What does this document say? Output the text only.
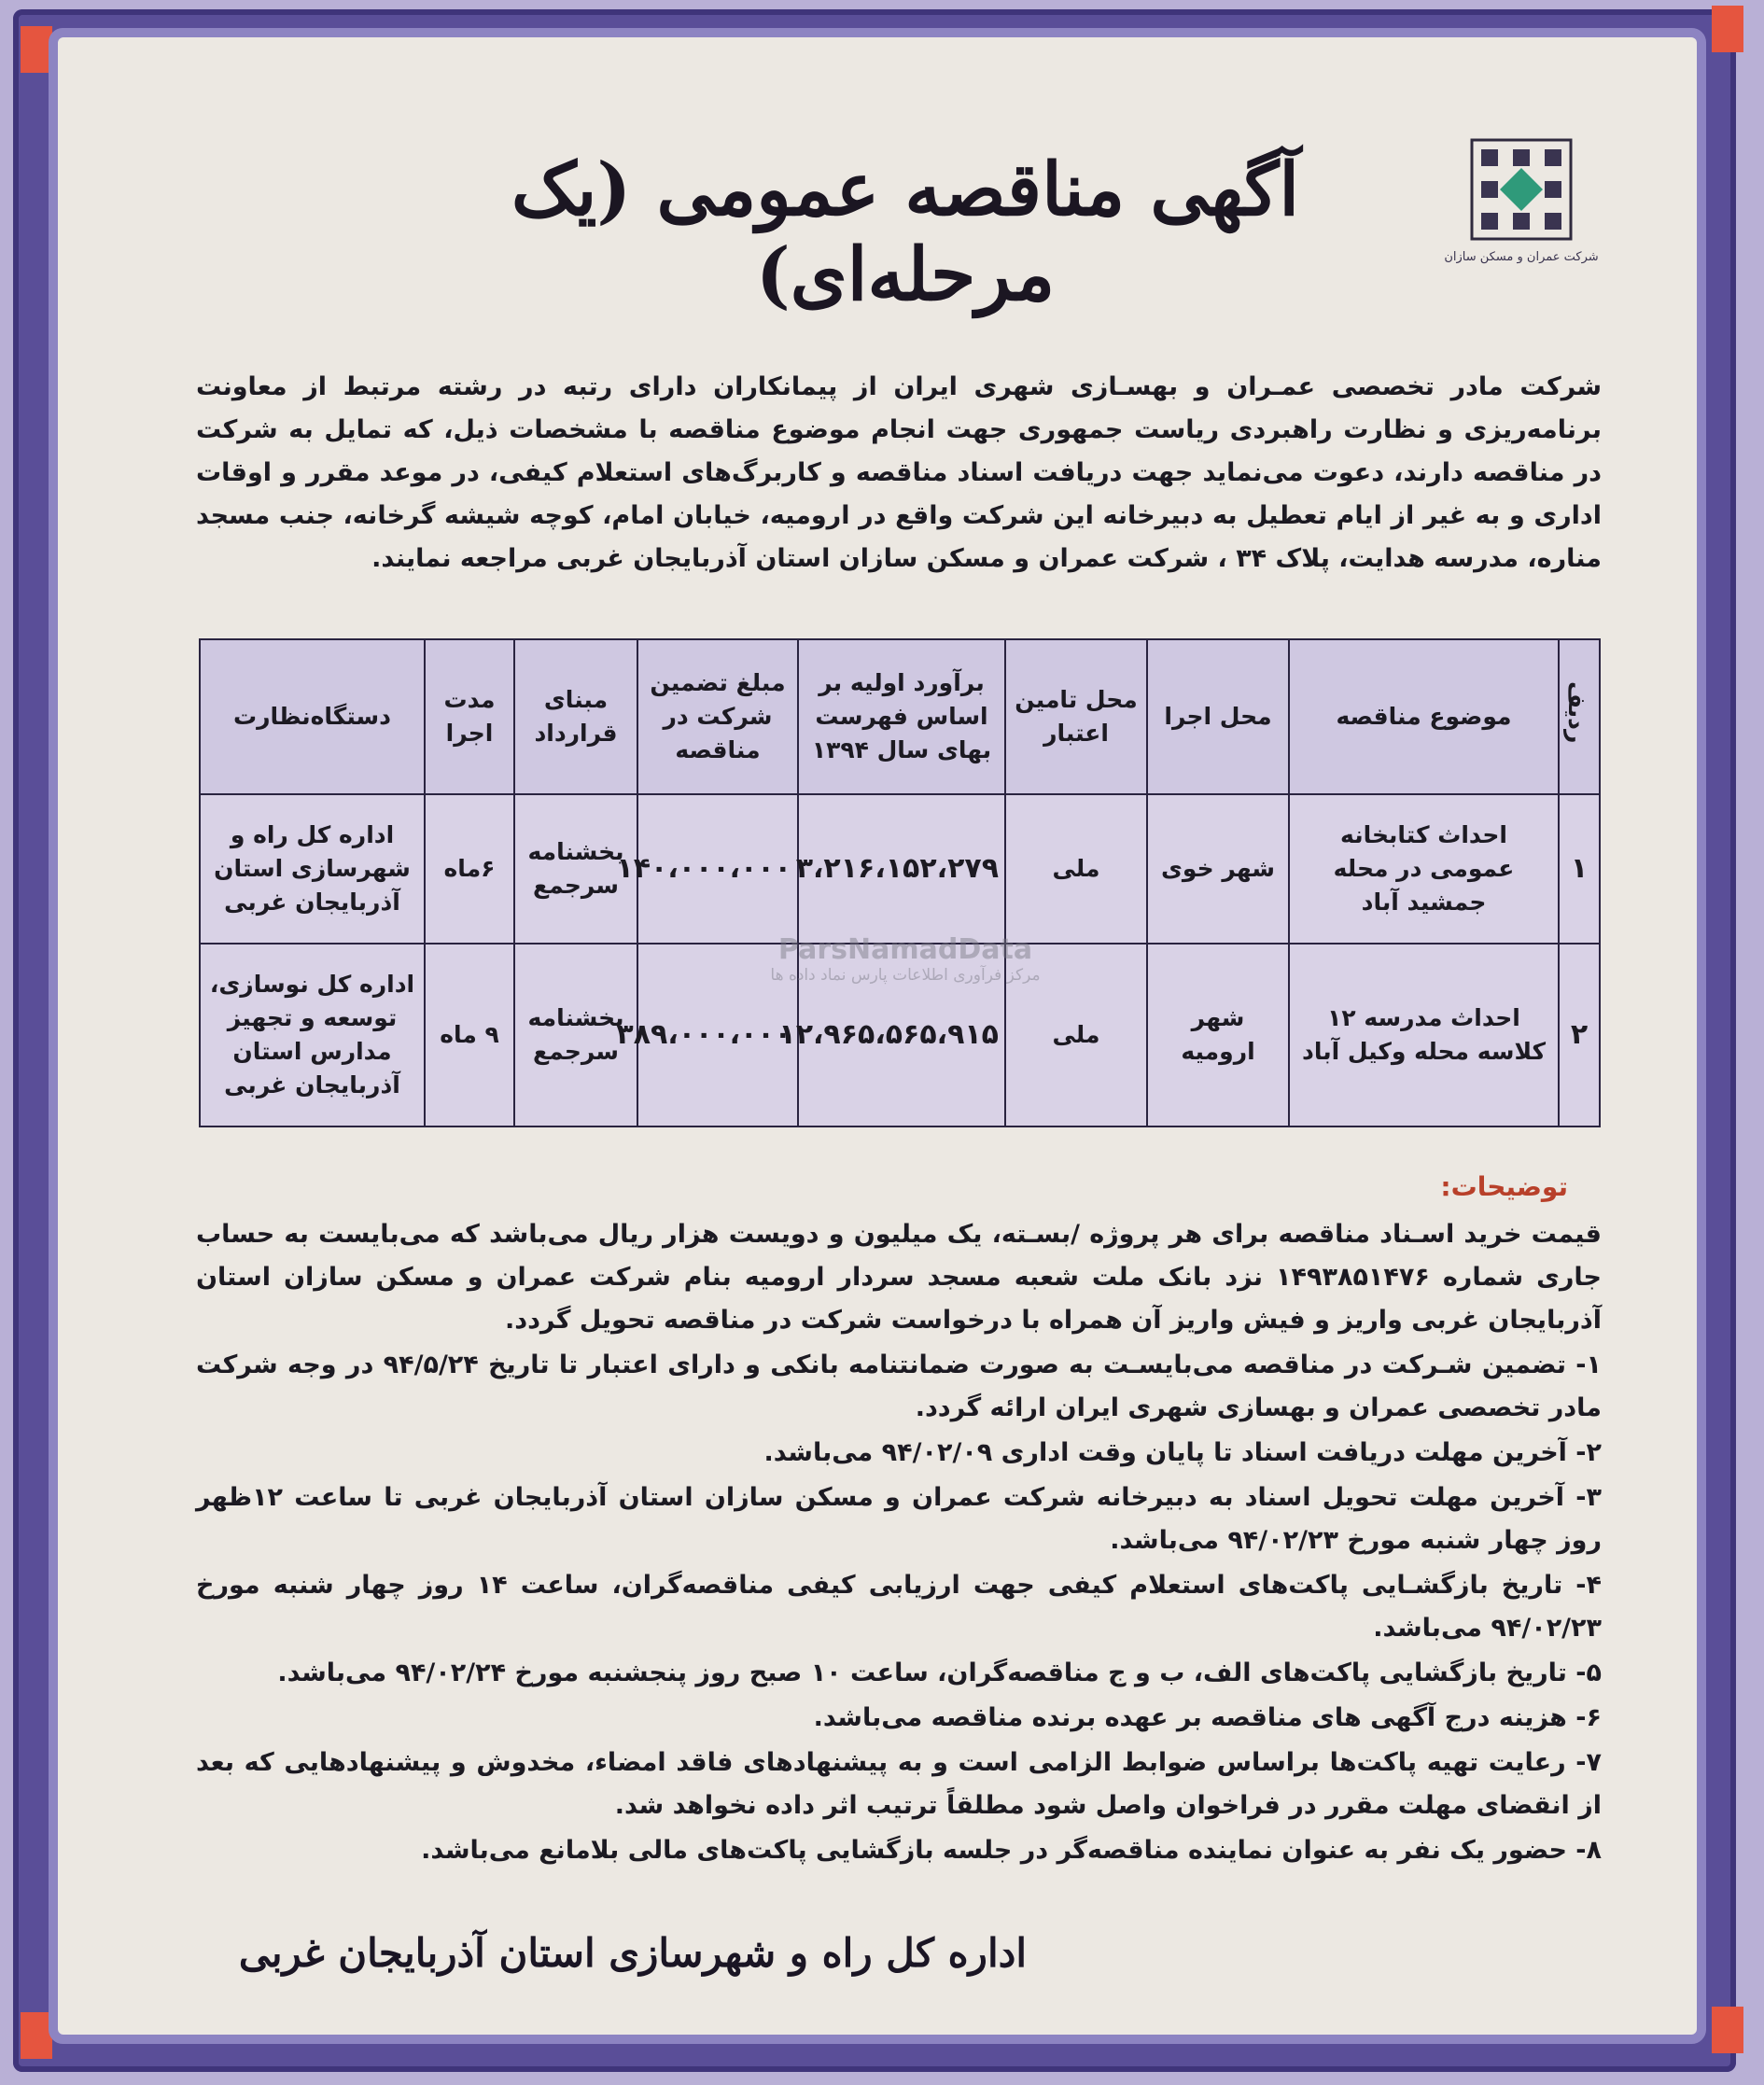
شرکت عمران و مسکن سازان
آگهی مناقصه عمومی (یک مرحله‌ای)
شرکت مادر تخصصی عمـران و بهسـازی شهری ایران از پیمانکاران دارای رتبه در رشته مرتبط از معاونت برنامه‌ریزی و نظارت راهبردی ریاست جمهوری جهت انجام موضوع مناقصه با مشخصات ذیل، که تمایل به شرکت در مناقصه دارند، دعوت می‌نماید جهت دریافت اسناد مناقصه و کاربرگ‌های استعلام کیفی، در موعد مقرر و اوقات اداری و به غیر از ایام تعطیل به دبیرخانه این شرکت واقع در ارومیه، خیابان امام، کوچه شیشه گرخانه، جنب مسجد مناره، مدرسه هدایت، پلاک ۳۴ ، شرکت عمران و مسکن سازان استان آذربایجان غربی مراجعه نمایند.
ردیف	موضوع مناقصه	محل اجرا	محل تامین اعتبار	برآورد اولیه بر اساس فهرست بهای سال ۱۳۹۴	مبلغ تضمین شرکت در مناقصه	مبنای قرارداد	مدت اجرا	دستگاه‌نظارت
۱	احداث کتابخانه عمومی در محله جمشید آباد	شهر خوی	ملی	۳،۲۱۶،۱۵۲،۲۷۹	۱۴۰،۰۰۰،۰۰۰	بخشنامه سرجمع	۶ماه	اداره کل راه و شهرسازی استان آذربایجان غربی
۲	احداث مدرسه ۱۲ کلاسه محله وکیل آباد	شهر ارومیه	ملی	۱۲،۹۶۵،۵۶۵،۹۱۵	۳۸۹،۰۰۰،۰۰۰	بخشنامه سرجمع	۹ ماه	اداره کل نوسازی، توسعه و تجهیز مدارس استان آذربایجان غربی
ParsNamadData
مرکز فرآوری اطلاعات پارس نماد داده ها
توضیحات:

قیمت خرید اسـناد مناقصه برای هر پروژه /بسـته، یک میلیون و دویست هزار ریال می‌باشد که می‌بایست به حساب جاری شماره ۱۴۹۳۸۵۱۴۷۶ نزد بانک ملت شعبه مسجد سردار ارومیه بنام شرکت عمران و مسکن سازان استان آذربایجان غربی واریز و فیش واریز آن همراه با درخواست شرکت در مناقصه تحویل گردد.

۱- تضمین شـرکت در مناقصه می‌بایسـت به صورت ضمانتنامه بانکی و دارای اعتبار تا تاریخ ۹۴/۵/۲۴ در وجه شرکت مادر تخصصی عمران و بهسازی شهری ایران ارائه گردد.

۲- آخرین مهلت دریافت اسناد تا پایان وقت اداری ۹۴/۰۲/۰۹ می‌باشد.

۳- آخرین مهلت تحویل اسناد به دبیرخانه شرکت عمران و مسکن سازان استان آذربایجان غربی تا ساعت ۱۲ظهر روز چهار شنبه مورخ ۹۴/۰۲/۲۳ می‌باشد.

۴- تاریخ بازگشـایی پاکت‌های استعلام کیفی جهت ارزیابی کیفی مناقصه‌گران، ساعت ۱۴ روز چهار شنبه مورخ ۹۴/۰۲/۲۳ می‌باشد.

۵- تاریخ بازگشایی پاکت‌های الف، ب و ج مناقصه‌گران، ساعت ۱۰ صبح روز پنجشنبه مورخ ۹۴/۰۲/۲۴ می‌باشد.

۶- هزینه درج آگهی های مناقصه بر عهده برنده مناقصه می‌باشد.

۷- رعایت تهیه پاکت‌ها براساس ضوابط الزامی است و به پیشنهادهای فاقد امضاء، مخدوش و پیشنهادهایی که بعد از انقضای مهلت مقرر در فراخوان واصل شود مطلقاً ترتیب اثر داده نخواهد شد.

۸- حضور یک نفر به عنوان نماینده مناقصه‌گر در جلسه بازگشایی پاکت‌های مالی بلامانع می‌باشد.

اداره کل راه و شهرسازی استان آذربایجان غربی
